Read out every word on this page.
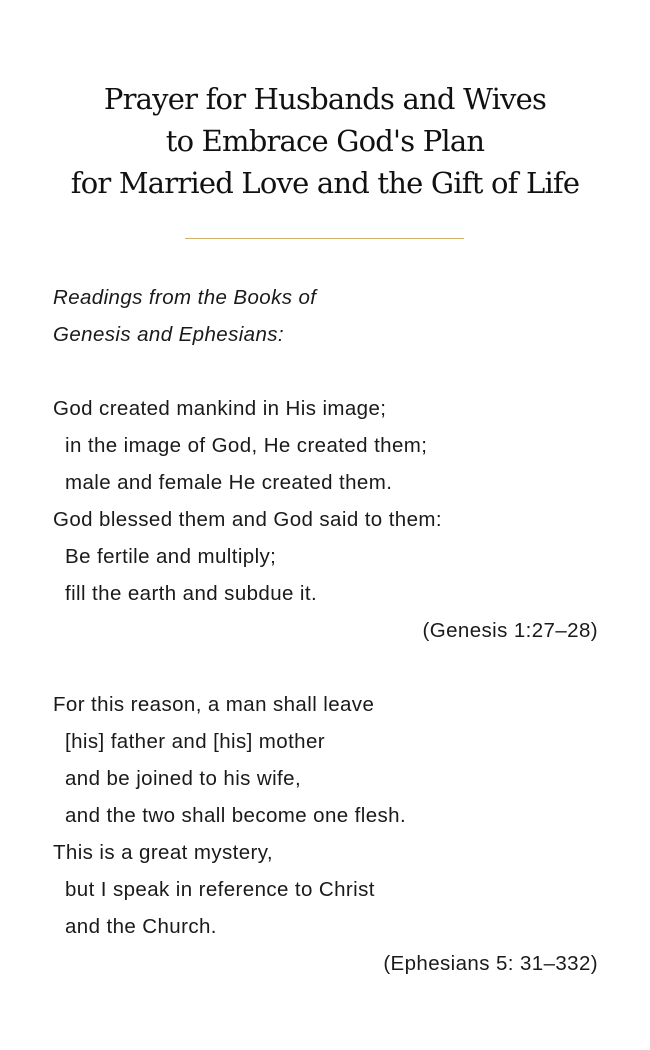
Prayer for Husbands and Wives
to Embrace God's Plan
for Married Love and the Gift of Life
Readings from the Books of
Genesis and Ephesians:
God created mankind in His image;
in the image of God, He created them;
male and female He created them.
God blessed them and God said to them:
Be fertile and multiply;
fill the earth and subdue it.
(Genesis 1:27–28)
For this reason, a man shall leave
[his] father and [his] mother
and be joined to his wife,
and the two shall become one flesh.
This is a great mystery,
but I speak in reference to Christ
and the Church.
(Ephesians 5: 31–332)
